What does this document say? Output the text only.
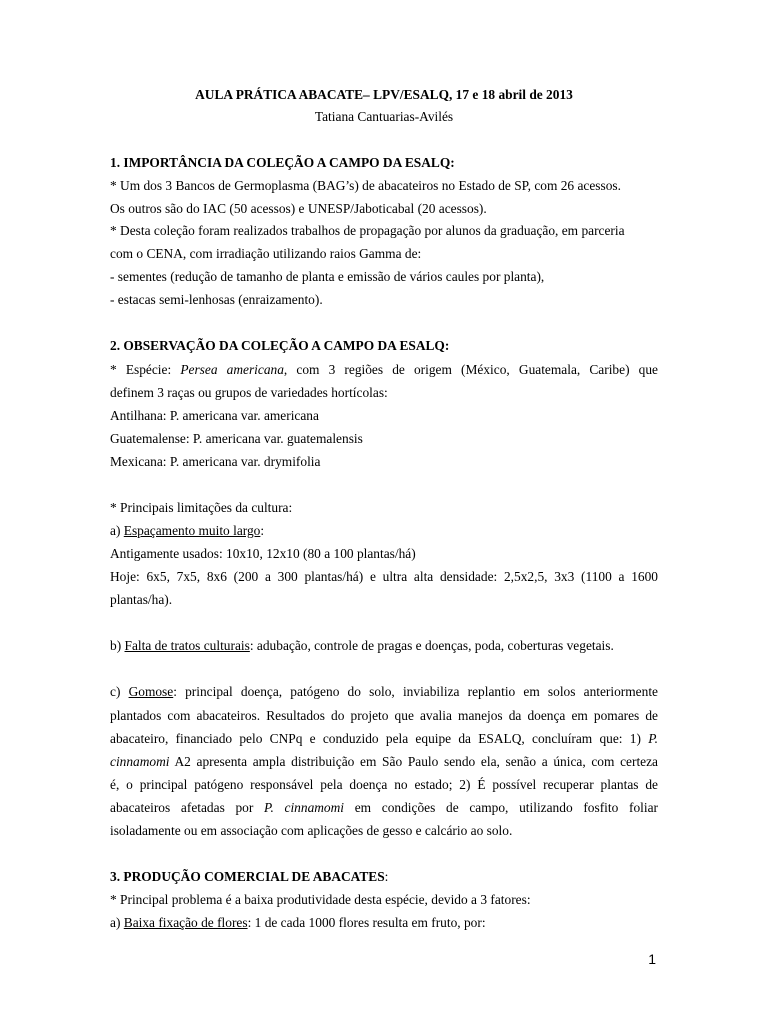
AULA PRÁTICA ABACATE– LPV/ESALQ, 17 e 18 abril de 2013
Tatiana Cantuarias-Avilés
1. IMPORTÂNCIA DA COLEÇÃO A CAMPO DA ESALQ:
* Um dos 3 Bancos de Germoplasma (BAG’s) de abacateiros no Estado de SP, com 26 acessos.
Os outros são do IAC (50 acessos) e UNESP/Jaboticabal (20 acessos).
* Desta coleção foram realizados trabalhos de propagação por alunos da graduação, em parceria
com o CENA, com irradiação utilizando raios Gamma de:
- sementes (redução de tamanho de planta e emissão de vários caules por planta),
- estacas semi-lenhosas (enraizamento).
2. OBSERVAÇÃO DA COLEÇÃO A CAMPO DA ESALQ:
* Espécie: Persea americana, com 3 regiões de origem (México, Guatemala, Caribe) que
definem 3 raças ou grupos de variedades hortícolas:
Antilhana: P. americana var. americana
Guatemalense: P. americana var. guatemalensis
Mexicana: P. americana var. drymifolia
* Principais limitações da cultura:
a) Espaçamento muito largo:
Antigamente usados: 10x10, 12x10 (80 a 100 plantas/há)
Hoje: 6x5, 7x5, 8x6 (200 a 300 plantas/há) e ultra alta densidade: 2,5x2,5, 3x3 (1100 a 1600
plantas/ha).
b) Falta de tratos culturais: adubação, controle de pragas e doenças, poda, coberturas vegetais.
c) Gomose: principal doença, patógeno do solo, inviabiliza replantio em solos anteriormente
plantados com abacateiros. Resultados do projeto que avalia manejos da doença em pomares de
abacateiro, financiado pelo CNPq e conduzido pela equipe da ESALQ, concluíram que: 1) P.
cinnamomi A2 apresenta ampla distribuição em São Paulo sendo ela, senão a única, com certeza
é, o principal patógeno responsável pela doença no estado; 2) É possível recuperar plantas de
abacateiros afetadas por P. cinnamomi em condições de campo, utilizando fosfito foliar
isoladamente ou em associação com aplicações de gesso e calcário ao solo.
3. PRODUÇÃO COMERCIAL DE ABACATES:
* Principal problema é a baixa produtividade desta espécie, devido a 3 fatores:
a) Baixa fixação de flores: 1 de cada 1000 flores resulta em fruto, por:
1
